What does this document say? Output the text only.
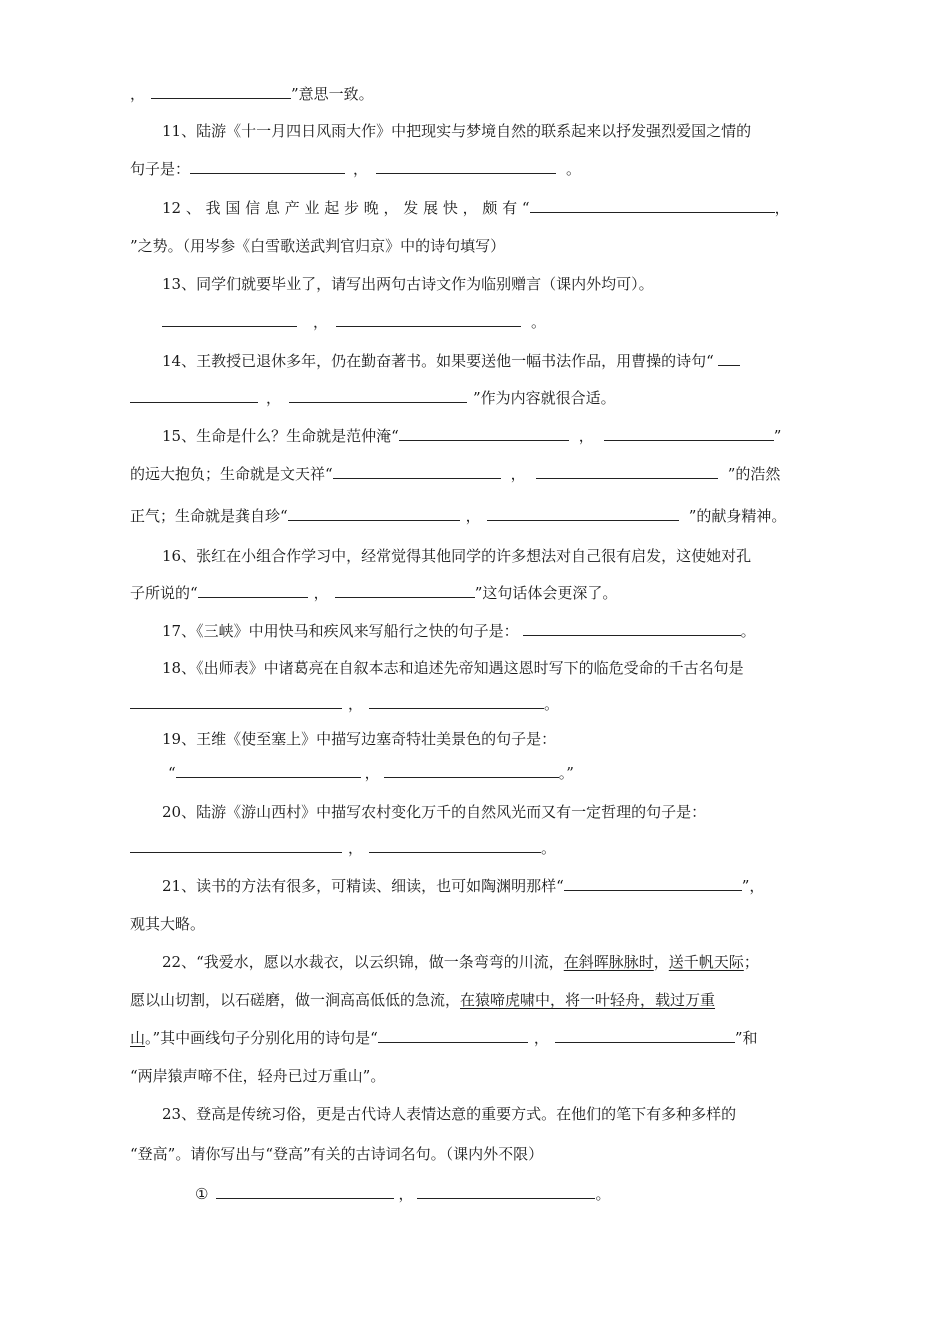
，	”意思一致。
11、陆游《十一月四日风雨大作》中把现实与梦境自然的联系起来以抒发强烈爱国之情的
句子是：	，	。
12 、 我 国 信 息 产 业 起 步 晚 ， 发 展 快 ， 颇 有 “	，
”之势。（用岑参《白雪歌送武判官归京》中的诗句填写）
13、同学们就要毕业了，请写出两句古诗文作为临别赠言（课内外均可）。
，	。
14、王教授已退休多年，仍在勤奋著书。如果要送他一幅书法作品，用曹操的诗句“
，	”作为内容就很合适。
15、生命是什么？生命就是范仲淹“	，	”
的远大抱负；生命就是文天祥“	，	”的浩然
正气；生命就是龚自珍“	，	”的献身精神。
16、张红在小组合作学习中，经常觉得其他同学的许多想法对自己很有启发，这使她对孔
子所说的“	，	”这句话体会更深了。
17、《三峡》中用快马和疾风来写船行之快的句子是：	。
18、《出师表》中诸葛亮在自叙本志和追述先帝知遇这恩时写下的临危受命的千古名句是
，	。
19、王维《使至塞上》中描写边塞奇特壮美景色的句子是：
“	，	。”
20、陆游《游山西村》中描写农村变化万千的自然风光而又有一定哲理的句子是：
，	。
21、读书的方法有很多，可精读、细读，也可如陶渊明那样“	”，
观其大略。
22、“我爱水，愿以水裁衣，以云织锦，做一条弯弯的川流，在斜晖脉脉时，送千帆天际；
愿以山切割，以石磋磨，做一涧高高低低的急流，在猿啼虎啸中，将一叶轻舟，载过万重
山。”其中画线句子分别化用的诗句是“	，	”和
“两岸猿声啼不住，轻舟已过万重山”。
23、登高是传统习俗，更是古代诗人表情达意的重要方式。在他们的笔下有多种多样的
“登高”。请你写出与“登高”有关的古诗词名句。（课内外不限）
①	，	。
